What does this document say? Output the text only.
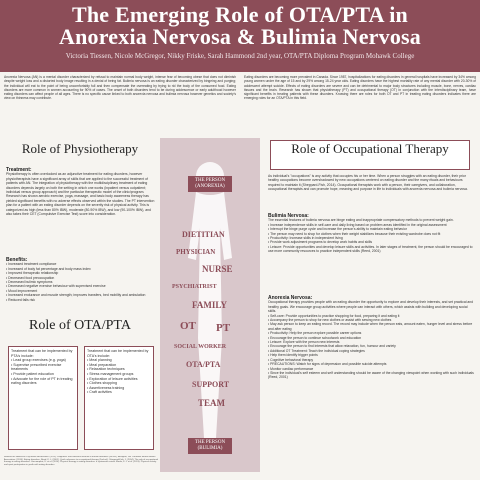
The Emerging Role of OTA/PTA in
Anorexia Nervosa & Bulimia Nervosa
Victoria Tiessen, Nicole McGregor, Nikky Friske, Sarah Hammond 2nd year, OTA/PTA Diploma Program Mohawk College
Anorexia Nervosa (AN) is a mental disorder characterized by refusal to maintain normal body weight, intense fear of becoming obese that does not diminish despite weight loss and a distorted body image resulting in a denial of being fat. Bulimia nervosa is an eating disorder characterized by bingeing and purging; the individual will eat to the point of being uncomfortably full and then compensate the overeating by trying to rid the body of the consumed food. Eating disorders are more common in women accounting for 90% of cases. The onset of both disorders tend to be during adolescence or early adulthood however eating disorders can affect people of all ages. There is no specific cause linked to both anorexia nervosa and bulimia nervosa however genetics and society's view on thinness may contribute.
Eating disorders are becoming more prevalent in Canada. Since 1987, hospitalizations for eating disorders in general hospitals have increased by 34% among young women under the age of 15 and by 29% among 15-24 year olds. Eating disorders have the highest mortality rate of any mental disorder with 20-30% of adolescent attempt suicide. Effects of eating disorders are severe and can be detrimental to major body structures including muscle, bone, nerves, cardiac tissues and the brain. Research has shown that physiotherapy (PT) and occupational therapy (OT) in conjunction with the interdisciplinary team, have significant benefits in treating patients with these disorders. Knowing there are roles for both OT and PT in treating eating disorders indicates there are emerging roles for an OTA/PTA in this field.
Role of Physiotherapy
Treatment:
Physiotherapy is often overlooked as an adjunctive treatment for eating disorders, however physiotherapists have a significant array of skills that are applied to the successful treatment of patients with AN. The integration of physiotherapy with the multidisciplinary treatment of eating disorders depends largely on both the setting in which one works (inpatient versus outpatient; individual versus group approach) and the particular therapeutic model of the clinic/program. Research has shown aerobic exercise, yoga, massage, and basic body awareness therapy has yielded significant benefits with no adverse effects observed within the studies. The PT intervention plan for a patient with an eating disorder depends on the severity risk of physical activity. This is categorized as high (less than 80% IBW), moderate (80-90% IBW), and low (90-100% IBW), and also takes their CET (Compulsive Exercise Test) score into consideration.
Benefits:
• Increased treatment compliance
• Increased of body fat percentage and body mass index
• Improved therapeutic relationship
• Decreased food preoccupation
• Decreased bulimic symptoms
• Decreased negative exercise behaviour with supervised exercise
• Mood improvement
• Increased endurance and muscle strength; improves transfers, bed mobility and ambulation
• Reduced falls risk
Role of OTA/PTA
Treatment that can be implemented by PTA's include:
• Lead group exercises (e.g. yoga)
• Supervise prescribed exercise treatments
• Provide patient education
• Advocate for the role of PT in treating eating disorders
Treatment that can be implemented by OTA's include:
• Meal planning
• Meal preparation
• Relaxation techniques
• Stress management groups
• Exploration of leisure activities
• Clothes shopping
• Assertiveness training
• Craft activities
References: American Psychiatric Association. (2013). Diagnostic and statistical manual of mental disorders (5th ed.). Arlington, VA. Canadian Mental Health Association. (2014). Eating disorders. Reed, K. L. (2001). Quick reference to occupational therapy (2nd ed.). Sheppard-Fish, J. (2014). The role of occupational therapy in eating disorders. Vancampfort, D. et al. (2014). Physical therapy in eating disorders: a systematic review. Moola, F. J. et al. (2013). Physical activity and sport participation in youth with eating disorders.
THE PERSON (ANOREXIA)
THE PERSON (BULIMIA)
DIETITIAN
PHYSICIAN
NURSE
PSYCHIATRIST
FAMILY
OT PT
SOCIAL WORKER
OTA/PTA
SUPPORT
TEAM
Role of Occupational Therapy
As individual's "occupations" is any activity that occupies his or her time. When a person struggles with an eating disorder, their prior healthy occupations become overshadowed by new occupations centered on eating disorder and the many rituals and behaviours required to maintain it (Sheppard-Fish, 2014). Occupational therapists work with a person, their caregivers, and collaboration, occupational therapists and can promote hope, meaning and purpose in life to individuals with anorexia nervosa and bulimia nervosa.
Bulimia Nervosa:
The essential features of bulimia nervosa are binge eating and inappropriate compensatory methods to prevent weight gain.
• Increase independence skills in self-care and daily living based on problem areas identified in the original assessment
• Interrupt the binge purge cycle and increase the person's ability to maintain eating behavior
• The person may need to shop for clothes when their weight stabilizes because their existing wardrobe does not fit
• Productivity: Increase skills in independent living
• Provide work adjustment programs to develop work habits and skills
• Leisure: Provide opportunities and develop leisure skills and activities. In later stages of treatment, the person should be encouraged to use more community resources to practice independent skills (Reed, 2001)
Anorexia Nervosa:
Occupational therapy provides people with an eating disorder the opportunity to explore and develop their interests, and set practical and healthy goals. We encourage group activities where people can interact with others, which assists with building and developing social skills.
• Self-care: Provide opportunities to practice shopping for food, preparing it and eating it
• Accompany the person to shop for new clothes or assist with sewing new clothes
• May ask person to keep an eating record. The record may include when the person eats, amount eaten, hunger level and stress before and after eating
• Productivity: Help the person explore possible career options
• Encourage the person to continue schoolwork and education
• Leisure: Explore with the person new interests
• Encourage the person to find interests that allow relaxation, fun, humour and variety
• Additional OT Treatment: Teach the individual coping strategies
• Help them identify trigger points
• Cognitive behavioral therapy
• PRECAUTIONS: Watch for signs of depression and possible suicide attempts
• Monitor cardiac performance
• Since the individual's self esteem and self understanding should be aware of the changing viewpoint when working with such individuals (Reed, 2001)
